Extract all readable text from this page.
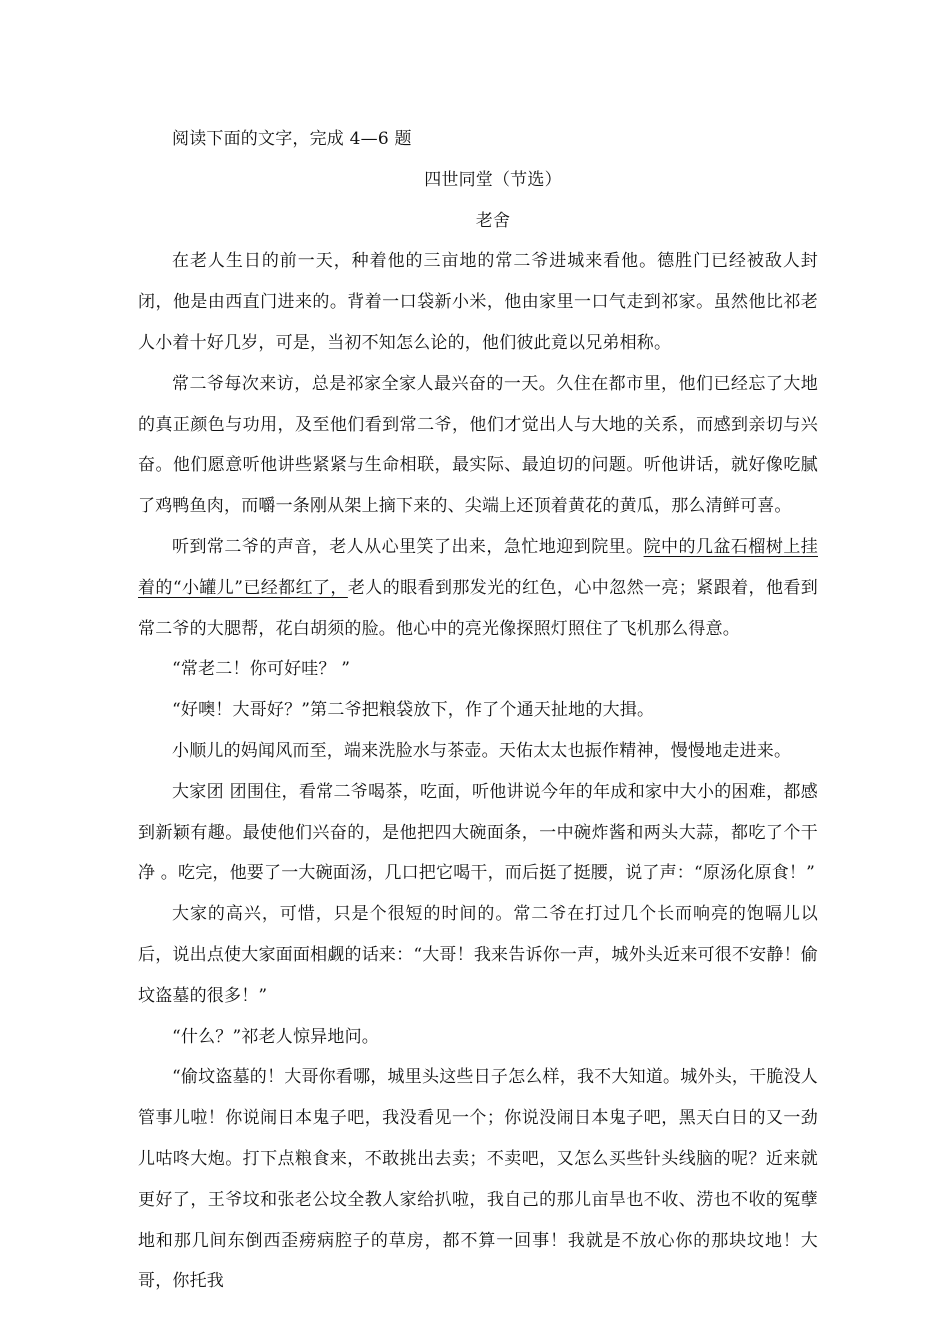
阅读下面的文字，完成 4—6 题

四世同堂（节选）

老舍

在老人生日的前一天，种着他的三亩地的常二爷进城来看他。德胜门已经被敌人封闭，他是由西直门进来的。背着一口袋新小米，他由家里一口气走到祁家。虽然他比祁老人小着十好几岁，可是，当初不知怎么论的，他们彼此竟以兄弟相称。

常二爷每次来访，总是祁家全家人最兴奋的一天。久住在都市里，他们已经忘了大地的真正颜色与功用，及至他们看到常二爷，他们才觉出人与大地的关系，而感到亲切与兴奋。他们愿意听他讲些紧紧与生命相联，最实际、最迫切的问题。听他讲话，就好像吃腻了鸡鸭鱼肉，而嚼一条刚从架上摘下来的、尖端上还顶着黄花的黄瓜，那么清鲜可喜。

听到常二爷的声音，老人从心里笑了出来，急忙地迎到院里。院中的几盆石榴树上挂着的“小罐儿”已经都红了，老人的眼看到那发光的红色，心中忽然一亮；紧跟着，他看到常二爷的大腮帮，花白胡须的脸。他心中的亮光像探照灯照住了飞机那么得意。

“常老二！你可好哇？ ”

“好噢！大哥好？”第二爷把粮袋放下，作了个通天扯地的大揖。

小顺儿的妈闻风而至，端来洗脸水与茶壶。天佑太太也振作精神，慢慢地走进来。

大家团 团围住，看常二爷喝茶，吃面，听他讲说今年的年成和家中大小的困难，都感到新颖有趣。最使他们兴奋的，是他把四大碗面条，一中碗炸酱和两头大蒜，都吃了个干净 。吃完，他要了一大碗面汤，几口把它喝干，而后挺了挺腰，说了声：“原汤化原食！”

大家的高兴，可惜，只是个很短的时间的。常二爷在打过几个长而响亮的饱嗝儿以后，说出点使大家面面相觑的话来：“大哥！我来告诉你一声，城外头近来可很不安静！偷坟盗墓的很多！”

“什么？”祁老人惊异地问。

“偷坟盗墓的！大哥你看哪，城里头这些日子怎么样，我不大知道。城外头，干脆没人管事儿啦！你说闹日本鬼子吧，我没看见一个；你说没闹日本鬼子吧，黑天白日的又一劲儿咕咚大炮。打下点粮食来，不敢挑出去卖；不卖吧，又怎么买些针头线脑的呢？近来就更好了，王爷坟和张老公坟全教人家给扒啦，我自己的那儿亩旱也不收、涝也不收的冤孽地和那几间东倒西歪痨病腔子的草房，都不算一回事！我就是不放心你的那块坟地！大哥，你托我
